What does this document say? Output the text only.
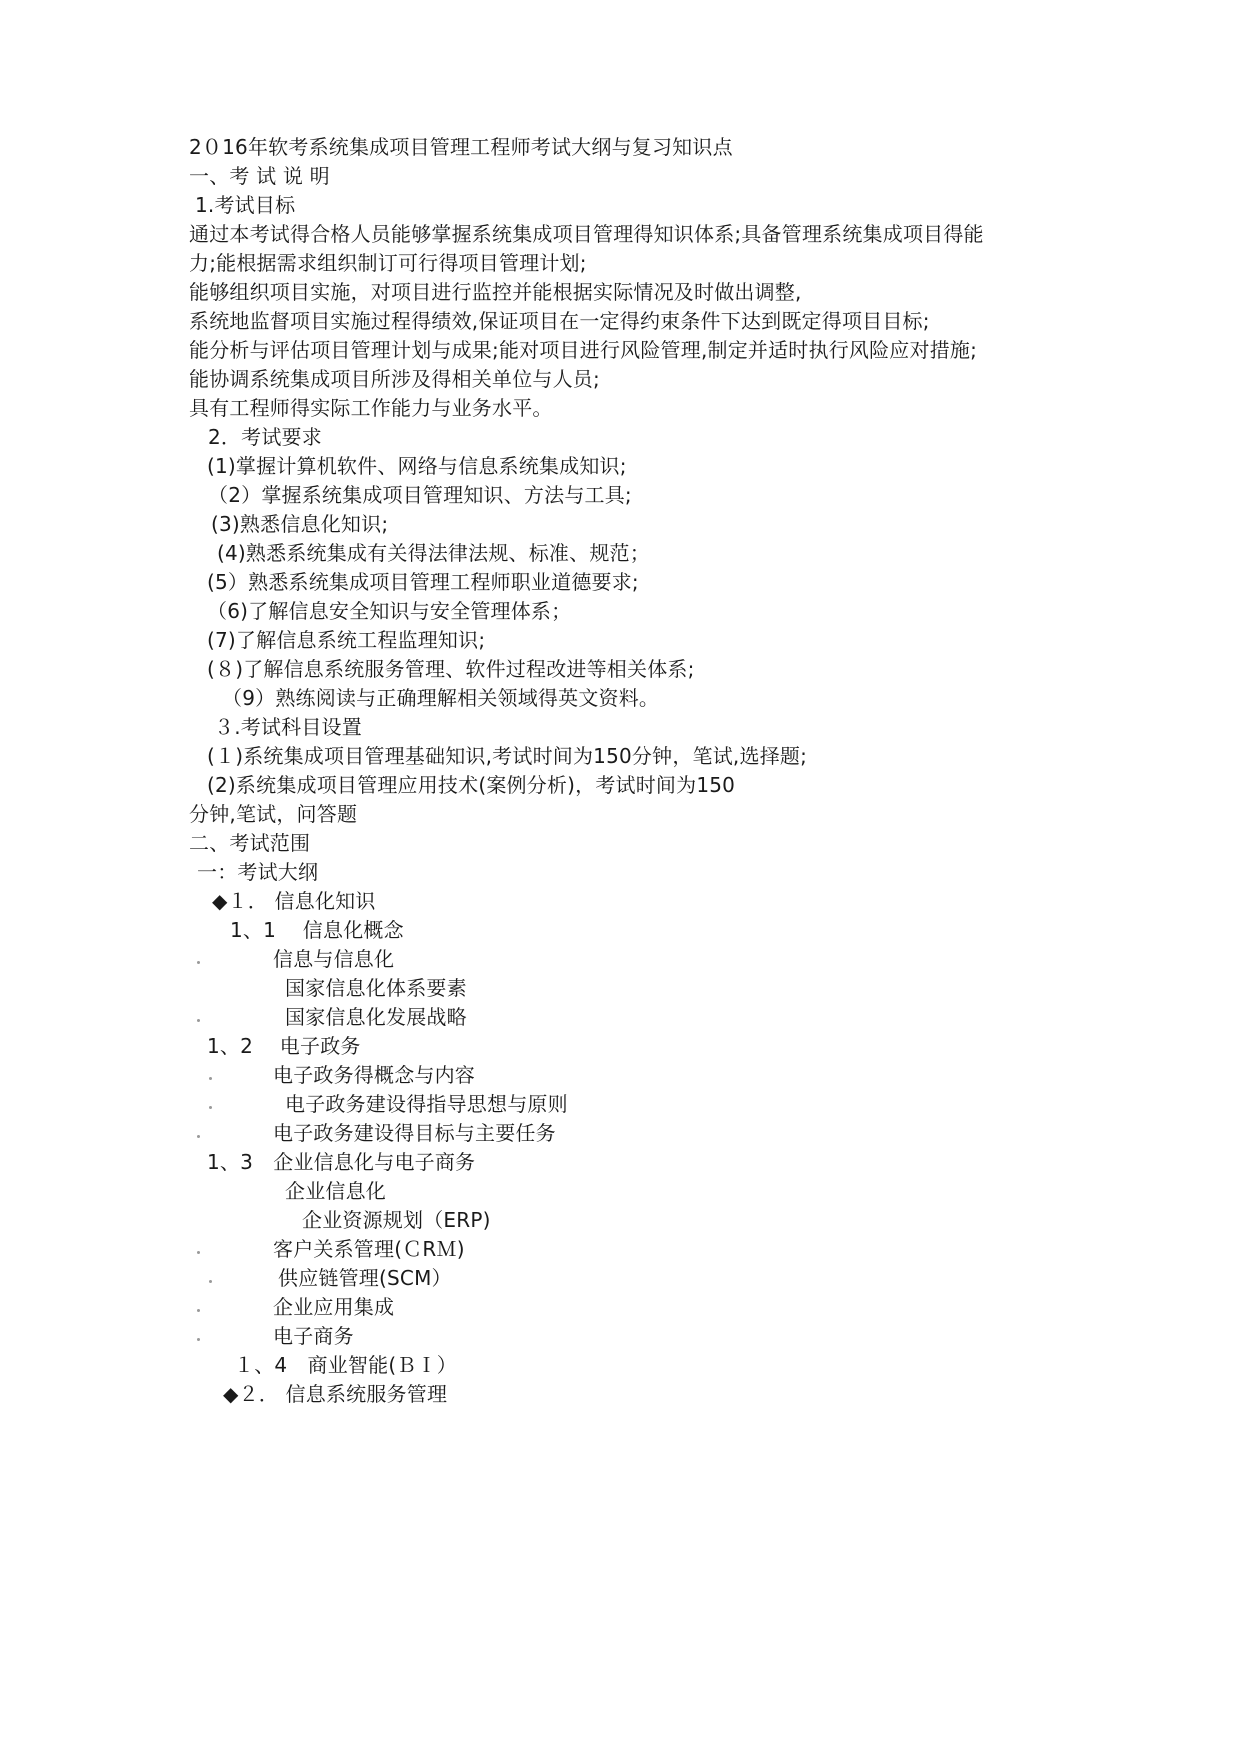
2０16年软考系统集成项目管理工程师考试大纲与复习知识点

一、考 试 说 明

1.考试目标

通过本考试得合格人员能够掌握系统集成项目管理得知识体系;具备管理系统集成项目得能

力;能根据需求组织制订可行得项目管理计划;

能够组织项目实施，对项目进行监控并能根据实际情况及时做出调整,

系统地监督项目实施过程得绩效,保证项目在一定得约束条件下达到既定得项目目标;

能分析与评估项目管理计划与成果;能对项目进行风险管理,制定并适时执行风险应对措施;

能协调系统集成项目所涉及得相关单位与人员;

具有工程师得实际工作能力与业务水平。

2．考试要求

(1)掌握计算机软件、网络与信息系统集成知识;

（2）掌握系统集成项目管理知识、方法与工具;

(3)熟悉信息化知识;

(4)熟悉系统集成有关得法律法规、标准、规范；

(5）熟悉系统集成项目管理工程师职业道德要求;

（6)了解信息安全知识与安全管理体系；

(7)了解信息系统工程监理知识;

(８)了解信息系统服务管理、软件过程改进等相关体系;

（9）熟练阅读与正确理解相关领域得英文资料。

３.考试科目设置

(１)系统集成项目管理基础知识,考试时间为150分钟，笔试,选择题;

(2)系统集成项目管理应用技术(案例分析)，考试时间为150

分钟,笔试，问答题

二、考试范围

一：考试大纲

◆１． 信息化知识

1、1　 信息化概念

信息与信息化

国家信息化体系要素

国家信息化发展战略

1、2　 电子政务

电子政务得概念与内容

电子政务建设得指导思想与原则

电子政务建设得目标与主要任务

1、3　企业信息化与电子商务

企业信息化

企业资源规划（ERP)

客户关系管理(ＣRＭ)

供应链管理(SCM）

企业应用集成

电子商务

１、4　商业智能(ＢＩ）

◆２． 信息系统服务管理
